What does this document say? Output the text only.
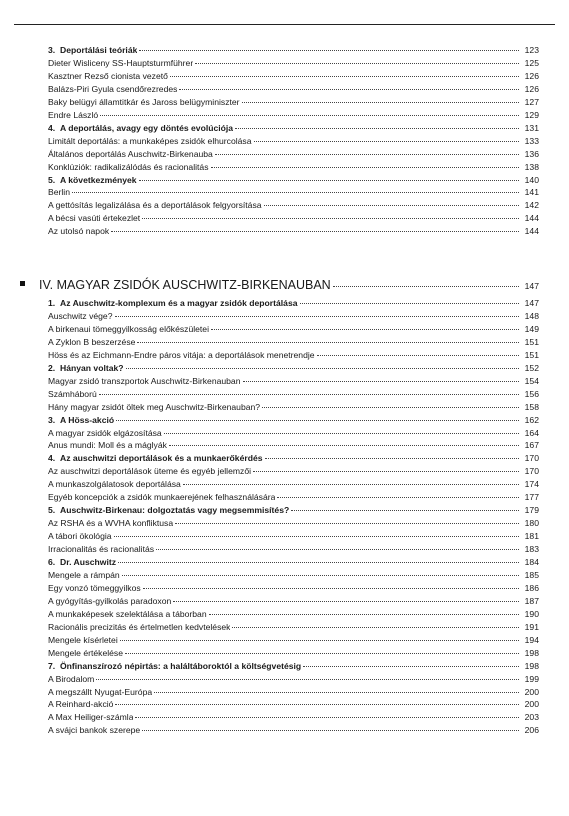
3. Deportálási teóriák	123
Dieter Wisliceny SS-Hauptsturmführer	125
Kasztner Rezső cionista vezető	126
Balázs-Piri Gyula csendőrezredes	126
Baky belügyi államtitkár és Jaross belügyminiszter	127
Endre László	129
4. A deportálás, avagy egy döntés evolúciója	131
Limitált deportálás: a munkaképes zsidók elhurcolása	133
Általános deportálás Auschwitz-Birkenauba	136
Konklúziók: radikalizálódás és racionalitás	138
5. A következmények	140
Berlin	141
A gettósítás legalizálása és a deportálások felgyorsítása	142
A bécsi vasúti értekezlet	144
Az utolsó napok	144
IV. MAGYAR ZSIDÓK AUSCHWITZ-BIRKENAUBAN	147
1. Az Auschwitz-komplexum és a magyar zsidók deportálása	147
Auschwitz vége?	148
A birkenaui tömeggyilkosság előkészületei	149
A Zyklon B beszerzése	151
Höss és az Eichmann-Endre páros vitája: a deportálások menetrendje	151
2. Hányan voltak?	152
Magyar zsidó transzportok Auschwitz-Birkenauban	154
Számháború	156
Hány magyar zsidót öltek meg Auschwitz-Birkenauban?	158
3. A Höss-akció	162
A magyar zsidók elgázosítása	164
Anus mundi: Moll és a máglyák	167
4. Az auschwitzi deportálások és a munkaerőkérdés	170
Az auschwitzi deportálások üteme és egyéb jellemzői	170
A munkaszolgálatosok deportálása	174
Egyéb koncepciók a zsidók munkaerejének felhasználására	177
5. Auschwitz-Birkenau: dolgoztatás vagy megsemmisítés?	179
Az RSHA és a WVHA konfliktusa	180
A tábori ökológia	181
Irracionalitás és racionalitás	183
6. Dr. Auschwitz	184
Mengele a rámpán	185
Egy vonzó tömeggyilkos	186
A gyógyítás-gyilkolás paradoxon	187
A munkaképesek szelektálása a táborban	190
Racionális precizitás és értelmetlen kedvtelések	191
Mengele kísérletei	194
Mengele értékelése	198
7. Önfinanszírozó népirtás: a haláltáboroktól a költségvetésig	198
A Birodalom	199
A megszállt Nyugat-Európa	200
A Reinhard-akció	200
A Max Heiliger-számla	203
A svájci bankok szerepe	206
